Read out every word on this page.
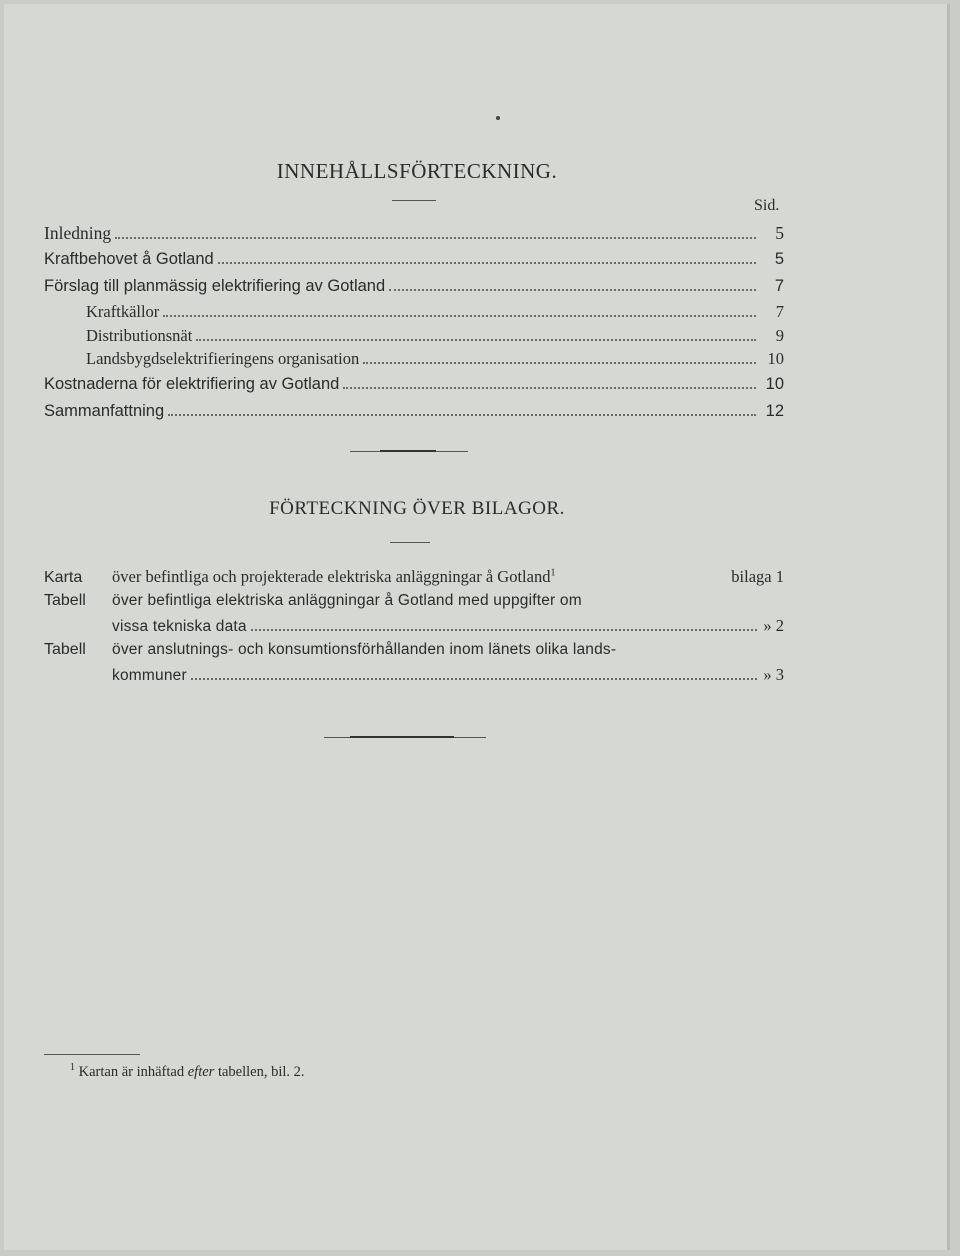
INNEHÅLLSFÖRTECKNING.
Sid.
Inledning	5
Kraftbehovet å Gotland	5
Förslag till planmässig elektrifiering av Gotland	7
Kraftkällor	7
Distributionsnät	9
Landsbygdselektrifieringens organisation	10
Kostnaderna för elektrifiering av Gotland	10
Sammanfattning	12
FÖRTECKNING ÖVER BILAGOR.
Karta	över befintliga och projekterade elektriska anläggningar å Gotland$^1$	bilaga 1
Tabell	över befintliga elektriska anläggningar å Gotland med uppgifter om
vissa tekniska data	» 2
Tabell	över anslutnings- och konsumtionsförhållanden inom länets olika lands-
kommuner	» 3
$^1$ Kartan är inhäftad efter tabellen, bil. 2.
